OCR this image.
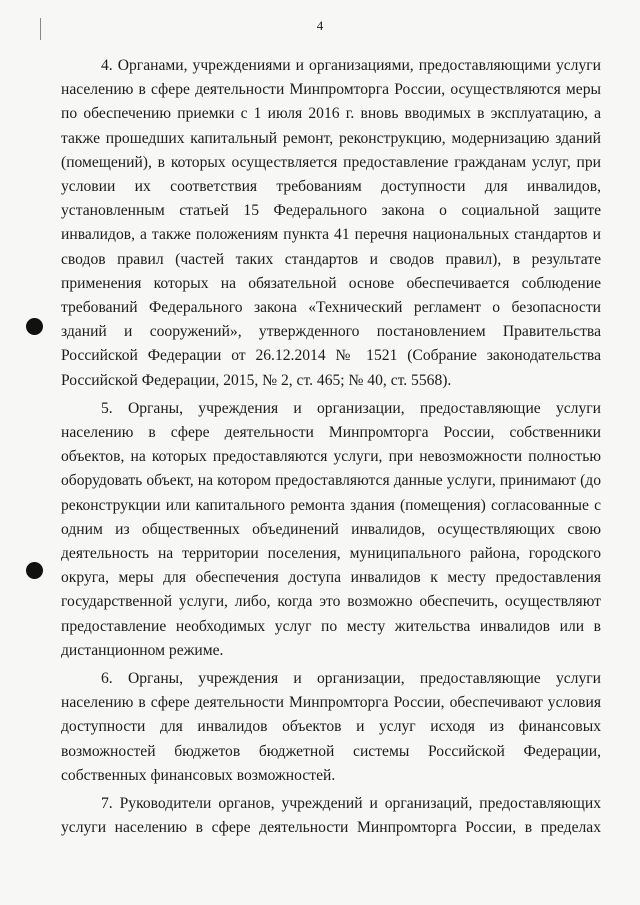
4

4. Органами, учреждениями и организациями, предоставляющими услуги населению в сфере деятельности Минпромторга России, осуществляются меры по обеспечению приемки с 1 июля 2016 г. вновь вводимых в эксплуатацию, а также прошедших капитальный ремонт, реконструкцию, модернизацию зданий (помещений), в которых осуществляется предоставление гражданам услуг, при условии их соответствия требованиям доступности для инвалидов, установленным статьей 15 Федерального закона о социальной защите инвалидов, а также положениям пункта 41 перечня национальных стандартов и сводов правил (частей таких стандартов и сводов правил), в результате применения которых на обязательной основе обеспечивается соблюдение требований Федерального закона «Технический регламент о безопасности зданий и сооружений», утвержденного постановлением Правительства Российской Федерации от 26.12.2014 № 1521 (Собрание законодательства Российской Федерации, 2015, № 2, ст. 465; № 40, ст. 5568).

5. Органы, учреждения и организации, предоставляющие услуги населению в сфере деятельности Минпромторга России, собственники объектов, на которых предоставляются услуги, при невозможности полностью оборудовать объект, на котором предоставляются данные услуги, принимают (до реконструкции или капитального ремонта здания (помещения) согласованные с одним из общественных объединений инвалидов, осуществляющих свою деятельность на территории поселения, муниципального района, городского округа, меры для обеспечения доступа инвалидов к месту предоставления государственной услуги, либо, когда это возможно обеспечить, осуществляют предоставление необходимых услуг по месту жительства инвалидов или в дистанционном режиме.

6. Органы, учреждения и организации, предоставляющие услуги населению в сфере деятельности Минпромторга России, обеспечивают условия доступности для инвалидов объектов и услуг исходя из финансовых возможностей бюджетов бюджетной системы Российской Федерации, собственных финансовых возможностей.

7. Руководители органов, учреждений и организаций, предоставляющих услуги населению в сфере деятельности Минпромторга России, в пределах
